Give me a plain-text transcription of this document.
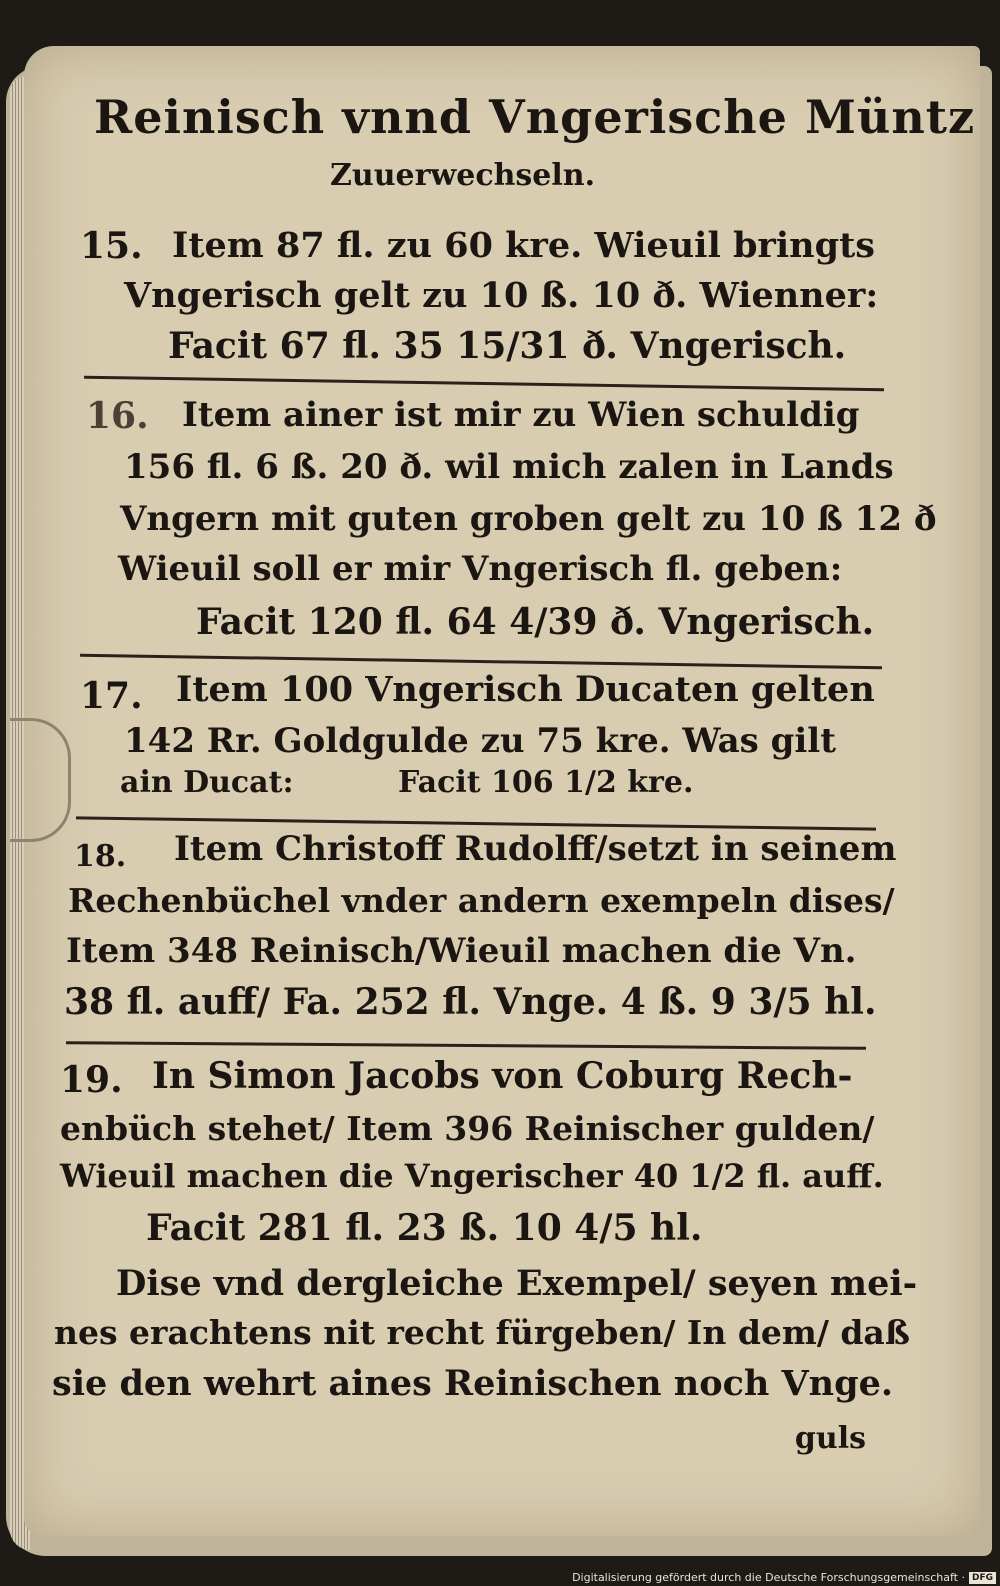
Reinisch vnnd Vngerische Müntz
Zuuerwechseln.
15. Item 87 fl. zu 60 kre. Wieuil bringts
Vngerisch gelt zu 10 ß. 10 ð. Wienner:
Facit 67 fl. 35 15/31 ð. Vngerisch.
16. Item ainer ist mir zu Wien schuldig
156 fl. 6 ß. 20 ð. wil mich zalen in Lands
Vngern mit guten groben gelt zu 10 ß 12 ð
Wieuil soll er mir Vngerisch fl. geben:
Facit 120 fl. 64 4/39 ð. Vngerisch.
17. Item 100 Vngerisch Ducaten gelten
142 Rr. Goldgulde zu 75 kre. Was gilt
ain Ducat:          Facit 106 1/2 kre.
18. Item Christoff Rudolff/setzt in seinem
Rechenbüchel vnder andern exempeln dises/
Item 348 Reinisch/Wieuil machen die Vn.
38 fl. auff/ Fa. 252 fl. Vnge. 4 ß. 9 3/5 hl.
19. In Simon Jacobs von Coburg Rech-
enbüch stehet/ Item 396 Reinischer gulden/
Wieuil machen die Vngerischer 40 1/2 fl. auff.
Facit 281 fl. 23 ß. 10 4/5 hl.
Dise vnd dergleiche Exempel/ seyen mei-
nes erachtens nit recht fürgeben/ In dem/ daß
sie den wehrt aines Reinischen noch Vnge.
guls
Digitalisierung gefördert durch die Deutsche Forschungsgemeinschaft · DFG
